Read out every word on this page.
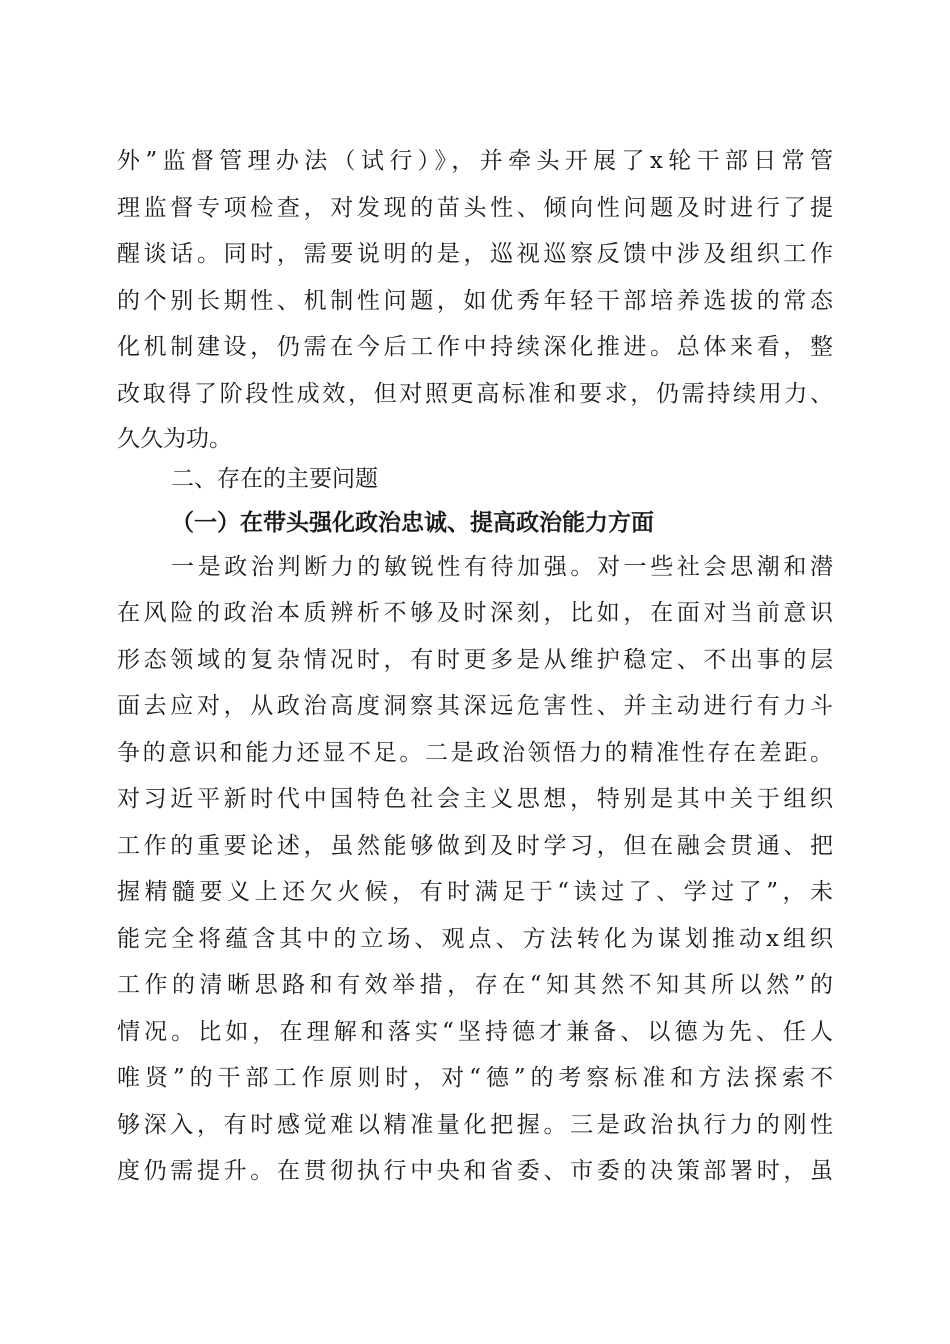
外”监督管理办法（试行）》，并牵头开展了x轮干部日常管
理监督专项检查，对发现的苗头性、倾向性问题及时进行了提
醒谈话。同时，需要说明的是，巡视巡察反馈中涉及组织工作
的个别长期性、机制性问题，如优秀年轻干部培养选拔的常态
化机制建设，仍需在今后工作中持续深化推进。总体来看，整
改取得了阶段性成效，但对照更高标准和要求，仍需持续用力、
久久为功。
二、存在的主要问题
（一）在带头强化政治忠诚、提高政治能力方面
一是政治判断力的敏锐性有待加强。对一些社会思潮和潜
在风险的政治本质辨析不够及时深刻，比如，在面对当前意识
形态领域的复杂情况时，有时更多是从维护稳定、不出事的层
面去应对，从政治高度洞察其深远危害性、并主动进行有力斗
争的意识和能力还显不足。二是政治领悟力的精准性存在差距。
对习近平新时代中国特色社会主义思想，特别是其中关于组织
工作的重要论述，虽然能够做到及时学习，但在融会贯通、把
握精髓要义上还欠火候，有时满足于“读过了、学过了”，未
能完全将蕴含其中的立场、观点、方法转化为谋划推动x组织
工作的清晰思路和有效举措，存在“知其然不知其所以然”的
情况。比如，在理解和落实“坚持德才兼备、以德为先、任人
唯贤”的干部工作原则时，对“德”的考察标准和方法探索不
够深入，有时感觉难以精准量化把握。三是政治执行力的刚性
度仍需提升。在贯彻执行中央和省委、市委的决策部署时，虽
